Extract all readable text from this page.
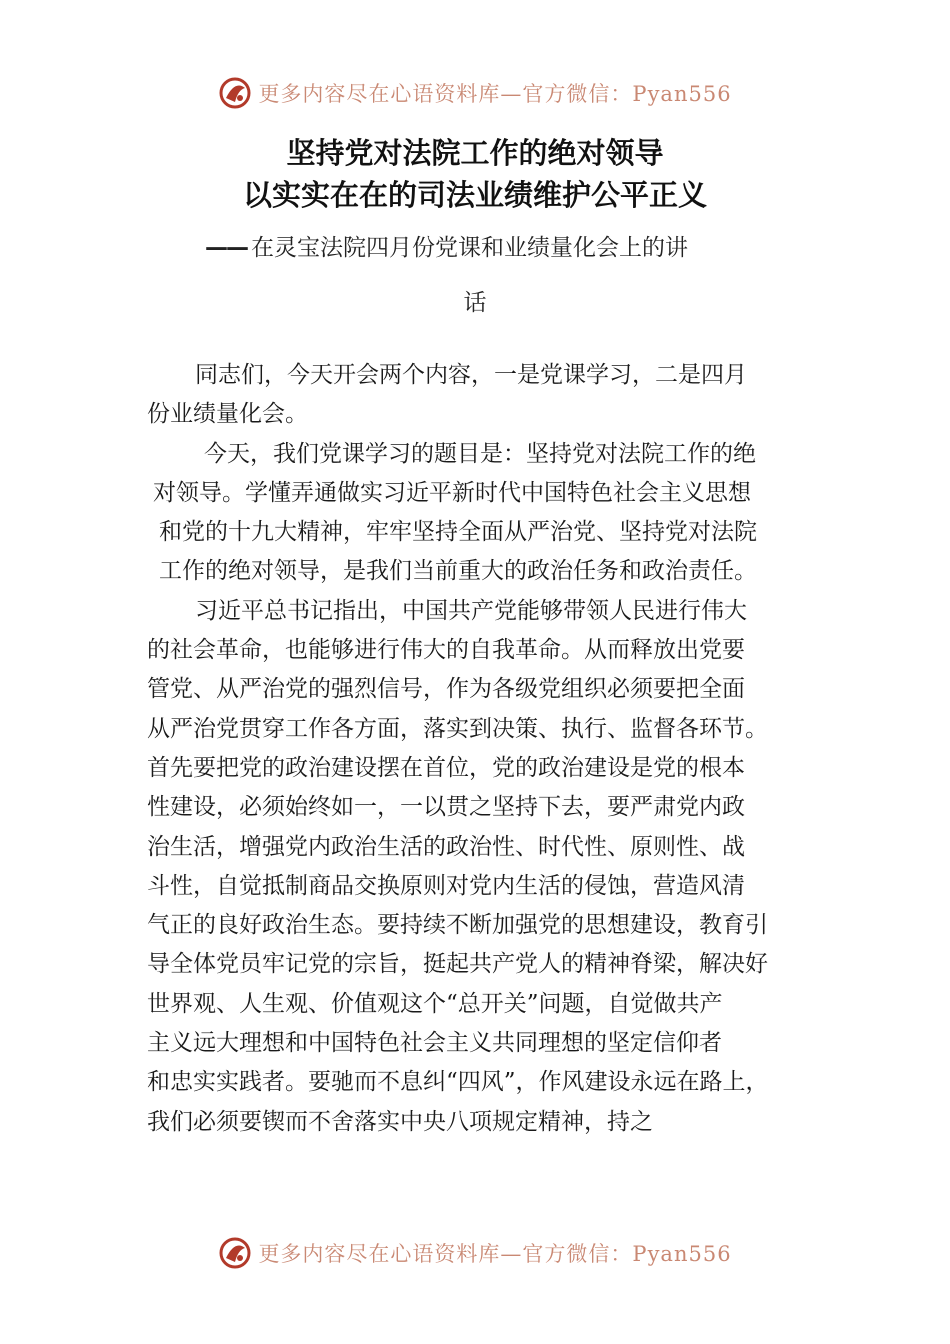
更多内容尽在心语资料库—官方微信：Pyan556
坚持党对法院工作的绝对领导
以实实在在的司法业绩维护公平正义
—— 在灵宝法院四月份党课和业绩量化会上的讲
话
同志们，今天开会两个内容，一是党课学习，二是四月
份业绩量化会。
今天，我们党课学习的题目是：坚持党对法院工作的绝
对领导。学懂弄通做实习近平新时代中国特色社会主义思想
和党的十九大精神，牢牢坚持全面从严治党、坚持党对法院
工作的绝对领导，是我们当前重大的政治任务和政治责任。
习近平总书记指出，中国共产党能够带领人民进行伟大
的社会革命，也能够进行伟大的自我革命。从而释放出党要
管党、从严治党的强烈信号，作为各级党组织必须要把全面
从严治党贯穿工作各方面，落实到决策、执行、监督各环节。
首先要把党的政治建设摆在首位，党的政治建设是党的根本
性建设，必须始终如一，一以贯之坚持下去，要严肃党内政
治生活，增强党内政治生活的政治性、时代性、原则性、战
斗性，自觉抵制商品交换原则对党内生活的侵蚀，营造风清
气正的良好政治生态。要持续不断加强党的思想建设，教育引
导全体党员牢记党的宗旨，挺起共产党人的精神脊梁，解决好
世界观、人生观、价值观这个“总开关”问题，自觉做共产
主义远大理想和中国特色社会主义共同理想的坚定信仰者
和忠实实践者。要驰而不息纠“四风”，作风建设永远在路上，
我们必须要锲而不舍落实中央八项规定精神，持之
更多内容尽在心语资料库—官方微信：Pyan556
